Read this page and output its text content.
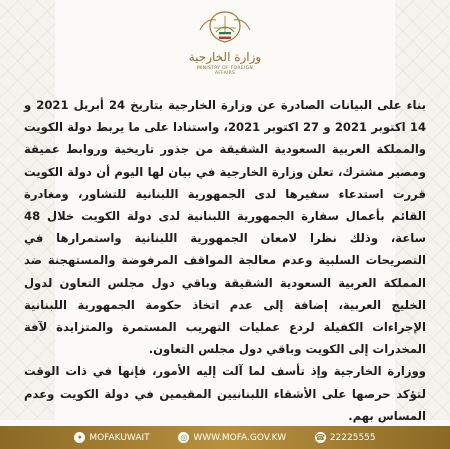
وزارة الخارجية
MINISTRY OF FOREIGN AFFAIRS

بناء على البيانات الصادرة عن وزارة الخارجية بتاريخ 24 أبريل 2021 و 14 اكتوبر 2021 و 27 اكتوبر 2021، واستنادا على ما يربط دولة الكويت والمملكة العربية السعودية الشقيقة من جذور تاريخية وروابط عميقة ومصير مشترك، تعلن وزارة الخارجية في بيان لها اليوم أن دولة الكويت قررت استدعاء سفيرها لدى الجمهورية اللبنانية للتشاور، ومغادرة القائم بأعمال سفارة الجمهورية اللبنانية لدى دولة الكويت خلال 48 ساعة، وذلك نظرا لامعان الجمهورية اللبنانية واستمرارها في التصريحات السلبية وعدم معالجة المواقف المرفوضة والمستهجنة ضد المملكة العربية السعودية الشقيقة وباقي دول مجلس التعاون لدول الخليج العربية، إضافة إلى عدم اتخاذ حكومة الجمهورية اللبنانية الإجراءات الكفيلة لردع عمليات التهريب المستمرة والمتزايدة لآفة المخدرات إلى الكويت وباقي دول مجلس التعاون.

ووزارة الخارجية وإذ تأسف لما آلت إليه الأمور، فإنها في ذات الوقت لتؤكد حرصها على الأشقاء اللبنانيين المقيمين في دولة الكويت وعدم المساس بهم.

✦ MOFAKUWAIT	◎ WWW.MOFA.GOV.KW	☎ 22225555
